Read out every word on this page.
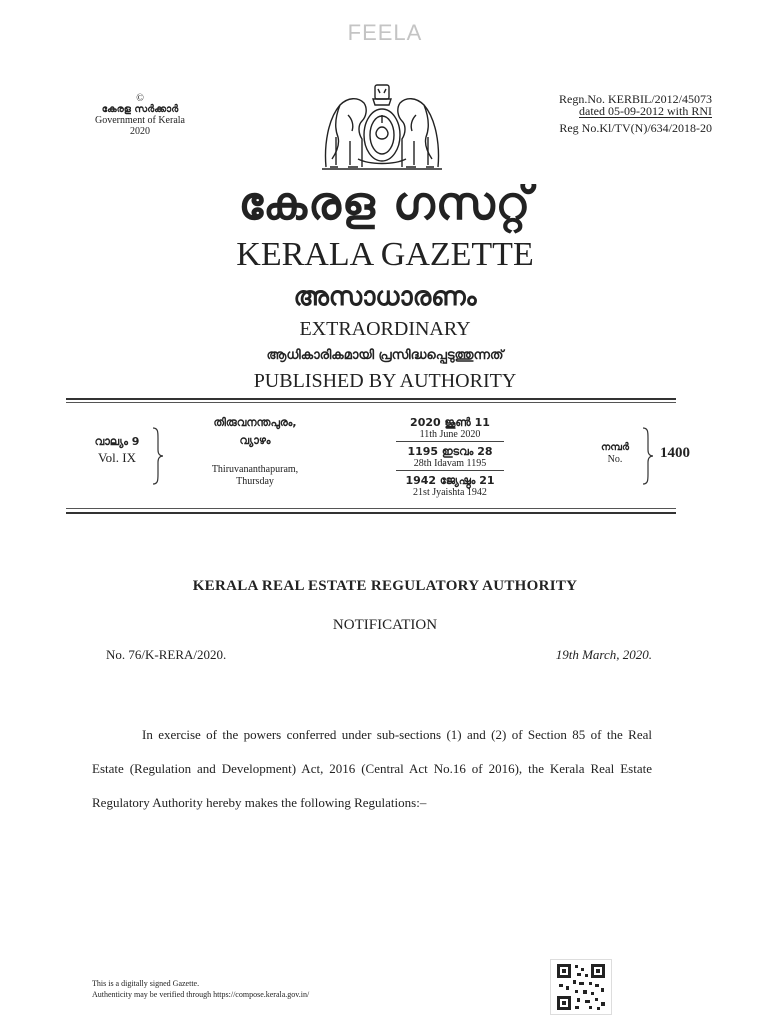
FEELA
©
കേരള സർക്കാർ
Government of Kerala
2020
Regn.No. KERBIL/2012/45073
dated 05-09-2012 with RNI
Reg No.Kl/TV(N)/634/2018-20
കേരള ഗസറ്റ്
KERALA GAZETTE
അസാധാരണം
EXTRAORDINARY
ആധികാരികമായി പ്രസിദ്ധപ്പെടുത്തുന്നത്
PUBLISHED BY AUTHORITY
വാല്യം 9
Vol. IX
തിരുവനന്തപുരം,
വ്യാഴം
Thiruvananthapuram,
Thursday
2020 ജൂൺ 11
11th June 2020
1195 ഇടവം 28
28th Idavam 1195
1942 ജ്യേഷ്ഠം 21
21st Jyaishta 1942
നമ്പർ
No.	1400
KERALA REAL ESTATE REGULATORY AUTHORITY
NOTIFICATION
No. 76/K-RERA/2020.	19th March, 2020.

In exercise of the powers conferred under sub-sections (1) and (2) of Section 85 of the Real Estate (Regulation and Development) Act, 2016 (Central Act No.16 of 2016), the Kerala Real Estate Regulatory Authority hereby makes the following Regulations:–

This is a digitally signed Gazette.
Authenticity may be verified through https://compose.kerala.gov.in/
